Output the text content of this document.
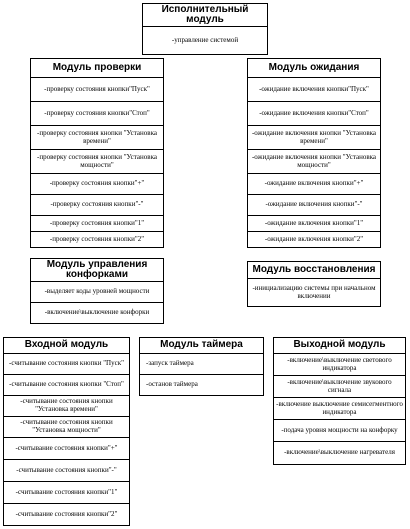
Исполнительный модуль
-управление системой
Модуль проверки
-проверку состояния кнопки"Пуск"
-проверку состояния кнопки"Стоп"
-проверку состояния кнопки "Установка времени"
-проверку состояния кнопки "Установка мощности"
-проверку состояния кнопки"+"
-проверку состояния кнопки"-"
-проверку состояния кнопки"1"
-проверку состояния кнопки"2"
Модуль ожидания
-ожидание включения кнопки"Пуск"
-ожидание включения кнопки"Стоп"
-ожидание включения кнопки "Установка времени"
-ожидание включения кнопки "Установка мощности"
-ожидание включения кнопки"+"
-ожидание включения кнопки"-"
-ожидание включения кнопки"1"
-ожидание включения кнопки"2"
Модуль управления конфорками
-выделяет коды уровней мощности
-включение\выключение конфорки
Модуль восстановления
-инициализацию системы при начальном включении
Входной модуль
-считывание состояния кнопки "Пуск"
-считывание состояния кнопки "Стоп"
-считывание состояния кнопки "Установка времени"
-считывание состояния кнопки "Установка мощности"
-считывание состояния кнопки"+"
-считывание состояния кнопки"-"
-считывание состояния кнопки"1"
-считывание состояния кнопки"2"
Модуль таймера
-запуск таймера
-останов таймера
Выходной модуль
-включение\выключение светового индикатора
-включение\выключение звукового сигнала
-включение выключение семисегментного индикатора
-подача уровня мощности на конфорку
-включение\выключение нагревателя
